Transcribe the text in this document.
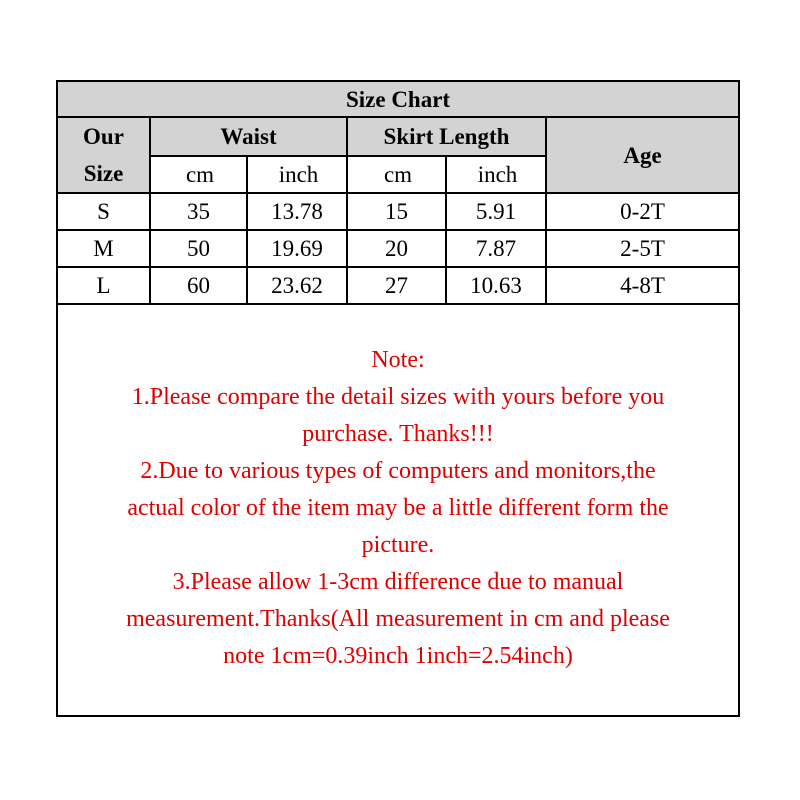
Size Chart					
Our
Size	Waist		Skirt Length		Age
	cm	inch	cm	inch	
S	35	13.78	15	5.91	0-2T
M	50	19.69	20	7.87	2-5T
L	60	23.62	27	10.63	4-8T
Note:
1.Please compare the detail sizes with yours before you
purchase. Thanks!!!
2.Due to various types of computers and monitors,the
actual color of the item may be a little different form the
picture.
3.Please allow 1-3cm difference due to manual
measurement.Thanks(All measurement in cm and please
note 1cm=0.39inch 1inch=2.54inch)
